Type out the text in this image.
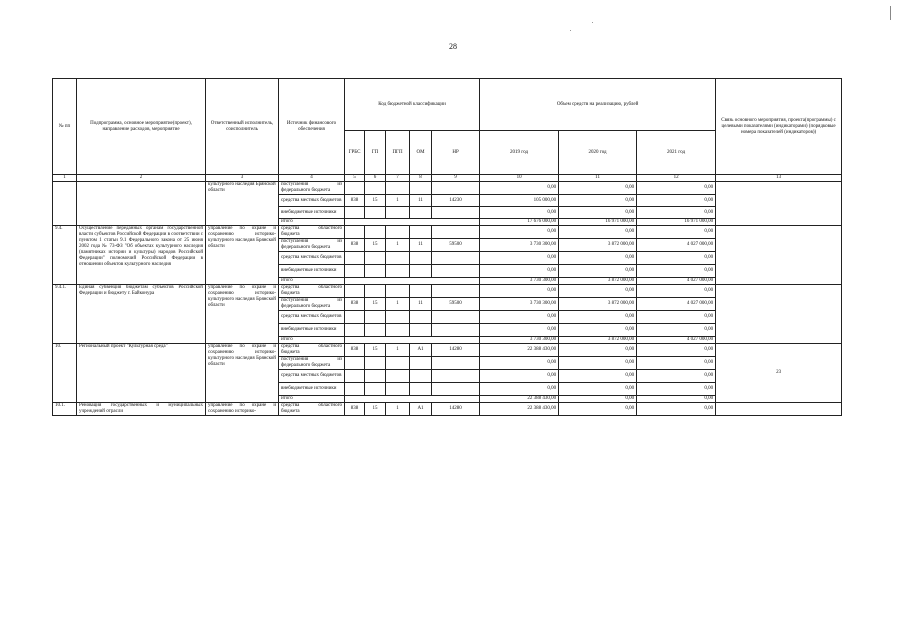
28
№ пп	Подпрограмма, основное мероприятие(проект), направление расходов, мероприятие	Ответственный исполнитель, соисполнитель	Источник финансового обеспечения	Код бюджетной классификации					Объем средств на реализацию, рублей			Связь основного мероприятия, проекта(программы) с целевыми показателями (индикаторами) (порядковые номера показателей (индикаторов))
				ГРБС	ГП	ПГП	ОМ	НР	2019 год	2020 год	2021 год	
1	2	3	4	5	6	7	8	9	10	11	12	13
		культурного наследия Брянской области	поступления из федерального бюджета						0,00	0,00	0,00	
			средства местных бюджетов	838	15	1	11	14230	105 000,00	0,00	0,00	
			внебюджетные источники						0,00	0,00	0,00	
			итого						17 676 000,00	16 971 000,00	16 971 000,00	
9.4.	Осуществление переданных органам государственной власти субъектов Российской Федерации в соответствии с пунктом 1 статьи 9.1 Федерального закона от 25 июня 2002 года № 73-ФЗ "Об объектах культурного наследия (памятниках истории и культуры) народов Российской Федерации" полномочий Российской Федерации в отношении объектов культурного наследия	управление по охране и сохранению историко-культурного наследия Брянской области	средства областного бюджета						0,00	0,00	0,00	
			поступления из федерального бюджета	838	15	1	11	59500	3 730 300,00	3 872 000,00	4 027 000,00	
			средства местных бюджетов						0,00	0,00	0,00	
			внебюджетные источники						0,00	0,00	0,00	
			итого						3 730 300,00	3 872 000,00	4 027 000,00	
9.4.1.	Единая субвенция бюджетам субъектов Российской Федерации и бюджету г. Байконура	управление по охране и сохранению историко-культурного наследия Брянской области	средства областного бюджета						0,00	0,00	0,00	
			поступления из федерального бюджета	838	15	1	11	59500	3 730 300,00	3 872 000,00	4 027 000,00	
			средства местных бюджетов						0,00	0,00	0,00	
			внебюджетные источники						0,00	0,00	0,00	
			итого						3 730 300,00	3 872 000,00	4 027 000,00	
10.	Региональный проект "Культурная среда"	управление по охране и сохранению историко-культурного наследия Брянской области	средства областного бюджета	838	15	1	A1	14280	22 388 430,00	0,00	0,00	23
			поступления из федерального бюджета						0,00	0,00	0,00	
			средства местных бюджетов						0,00	0,00	0,00	
			внебюджетные источники						0,00	0,00	0,00	
			итого						22 388 430,00	0,00	0,00	
10.1.	Реновация государственных и муниципальных учреждений отрасли	управление по охране и сохранению историко-	средства областного бюджета	838	15	1	A1	14280	22 388 430,00	0,00	0,00	
